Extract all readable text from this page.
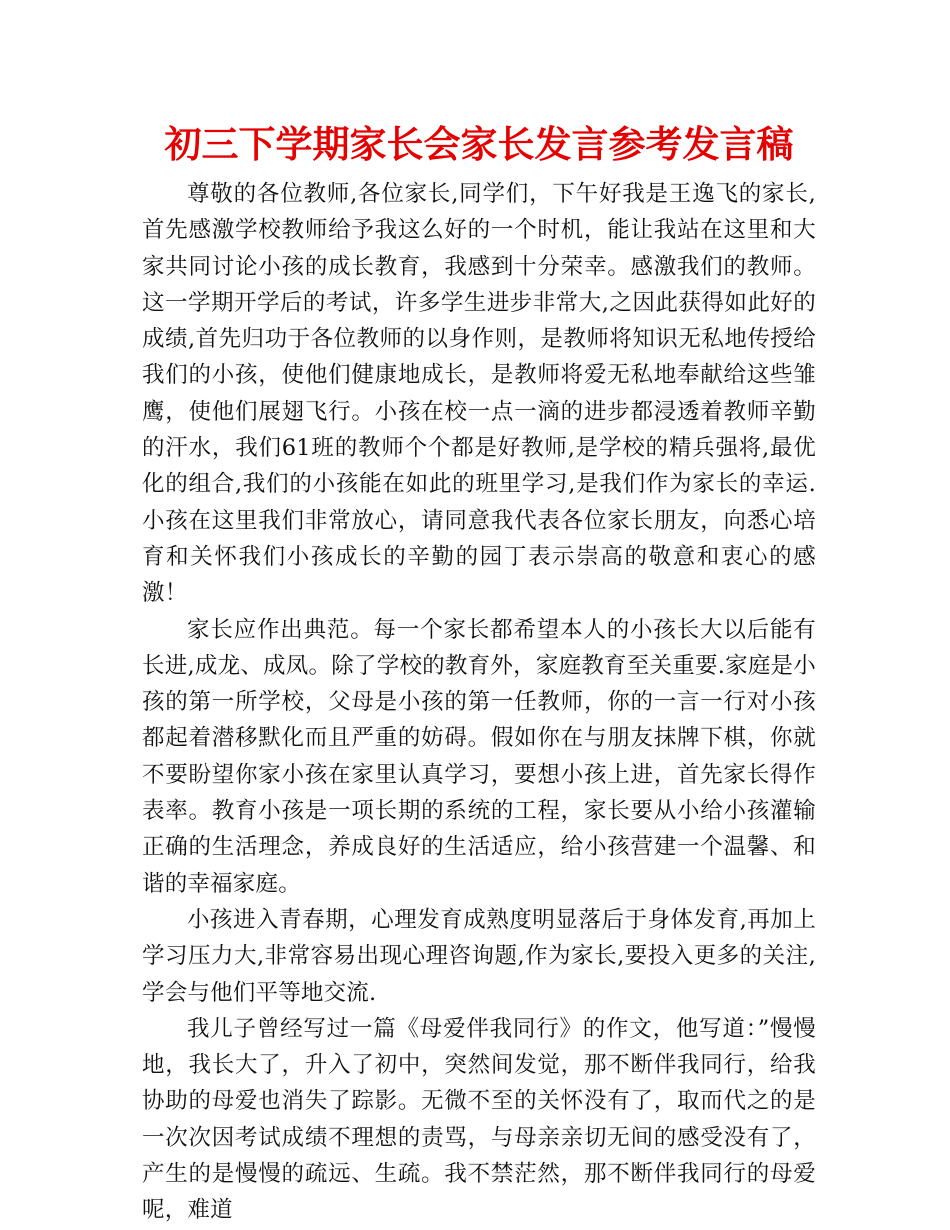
初三下学期家长会家长发言参考发言稿

尊敬的各位教师,各位家长,同学们，下午好我是王逸飞的家长,首先感激学校教师给予我这么好的一个时机，能让我站在这里和大家共同讨论小孩的成长教育，我感到十分荣幸。感激我们的教师。这一学期开学后的考试，许多学生进步非常大,之因此获得如此好的成绩,首先归功于各位教师的以身作则，是教师将知识无私地传授给我们的小孩，使他们健康地成长，是教师将爱无私地奉献给这些雏鹰，使他们展翅飞行。小孩在校一点一滴的进步都浸透着教师辛勤的汗水，我们61班的教师个个都是好教师,是学校的精兵强将,最优化的组合,我们的小孩能在如此的班里学习,是我们作为家长的幸运.小孩在这里我们非常放心，请同意我代表各位家长朋友，向悉心培育和关怀我们小孩成长的辛勤的园丁表示崇高的敬意和衷心的感激！

家长应作出典范。每一个家长都希望本人的小孩长大以后能有长进,成龙、成凤。除了学校的教育外，家庭教育至关重要.家庭是小孩的第一所学校，父母是小孩的第一任教师，你的一言一行对小孩都起着潜移默化而且严重的妨碍。假如你在与朋友抹牌下棋，你就不要盼望你家小孩在家里认真学习，要想小孩上进，首先家长得作表率。教育小孩是一项长期的系统的工程，家长要从小给小孩灌输正确的生活理念，养成良好的生活适应，给小孩营建一个温馨、和谐的幸福家庭。

小孩进入青春期，心理发育成熟度明显落后于身体发育,再加上学习压力大,非常容易出现心理咨询题,作为家长,要投入更多的关注,学会与他们平等地交流.

我儿子曾经写过一篇《母爱伴我同行》的作文，他写道：”慢慢地，我长大了，升入了初中，突然间发觉，那不断伴我同行，给我协助的母爱也消失了踪影。无微不至的关怀没有了，取而代之的是一次次因考试成绩不理想的责骂，与母亲亲切无间的感受没有了，产生的是慢慢的疏远、生疏。我不禁茫然，那不断伴我同行的母爱呢，难道
